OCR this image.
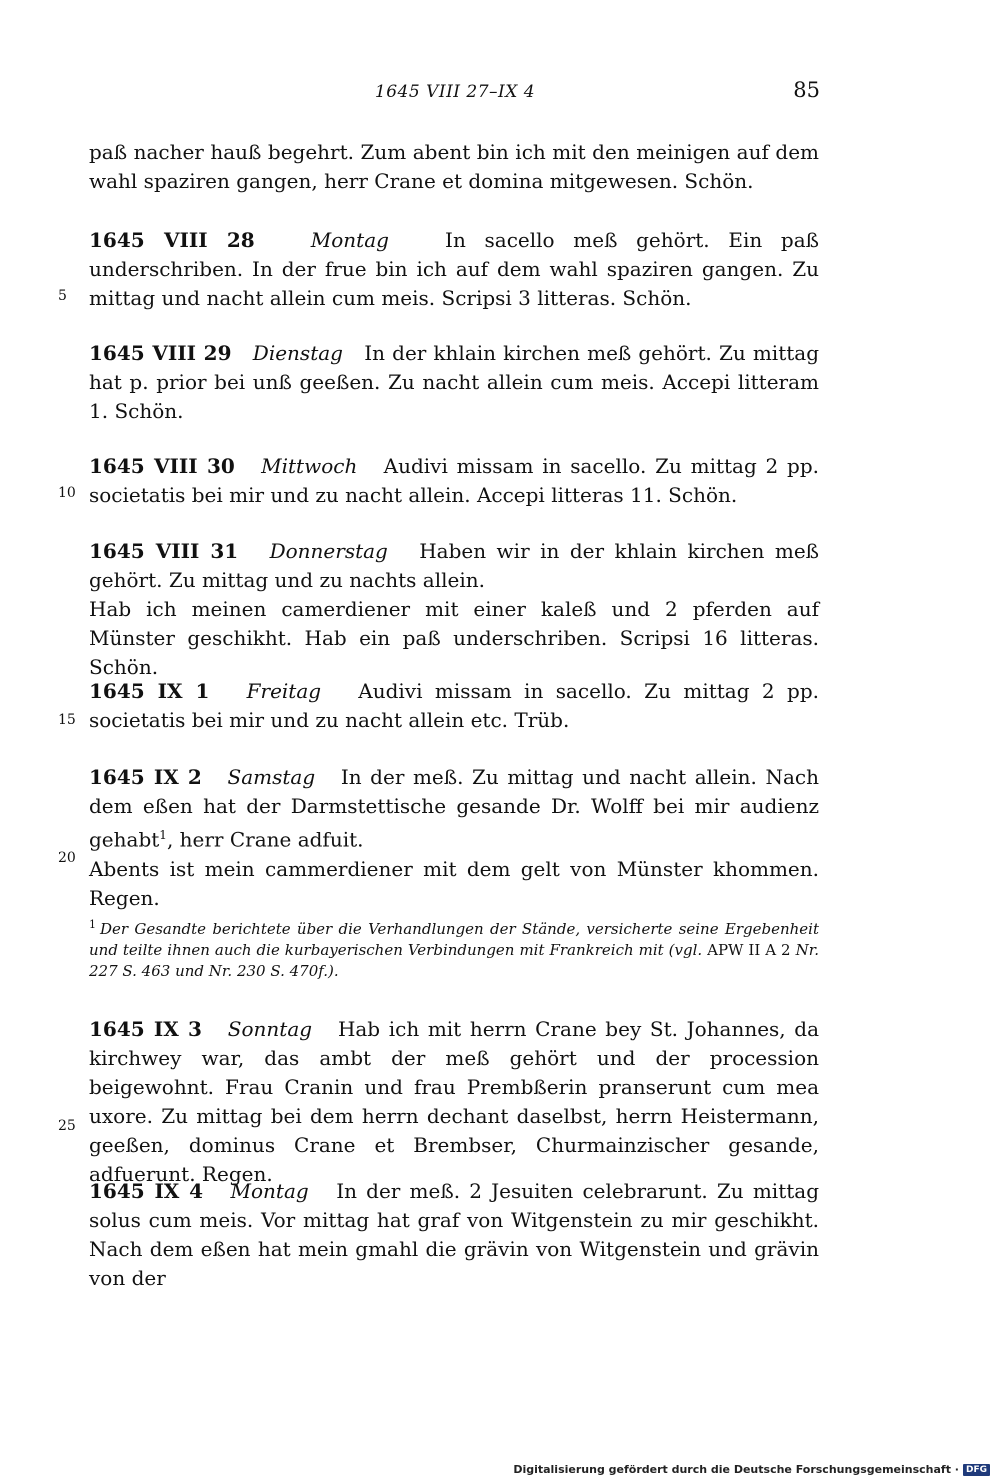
1645 VIII 27–IX 4	85

paß nacher hauß begehrt. Zum abent bin ich mit den meinigen auf dem wahl spaziren gangen, herr Crane et domina mitgewesen. Schön.

1645 VIII 28	Montag	In sacello meß gehört. Ein paß underschriben. In der frue bin ich auf dem wahl spaziren gangen. Zu mittag und nacht allein cum meis. Scripsi 3 litteras. Schön.

1645 VIII 29 Dienstag In der khlain kirchen meß gehört. Zu mittag hat p. prior bei unß geeßen. Zu nacht allein cum meis. Accepi litteram 1. Schön.

1645 VIII 30 Mittwoch Audivi missam in sacello. Zu mittag 2 pp. societatis bei mir und zu nacht allein. Accepi litteras 11. Schön.

1645 VIII 31 Donnerstag Haben wir in der khlain kirchen meß gehört. Zu mittag und zu nachts allein.

Hab ich meinen camerdiener mit einer kaleß und 2 pferden auf Münster geschikht. Hab ein paß underschriben. Scripsi 16 litteras. Schön.

1645 IX 1 Freitag Audivi missam in sacello. Zu mittag 2 pp. societatis bei mir und zu nacht allein etc. Trüb.

1645 IX 2 Samstag In der meß. Zu mittag und nacht allein. Nach dem eßen hat der Darmstettische gesande Dr. Wolff bei mir audienz gehabt$^1$, herr Crane adfuit.

Abents ist mein cammerdiener mit dem gelt von Münster khommen. Regen.

$^1$ Der Gesandte berichtete über die Verhandlungen der Stände, versicherte seine Ergebenheit und teilte ihnen auch die kurbayerischen Verbindungen mit Frankreich mit (vgl. APW II A 2 Nr. 227 S. 463 und Nr. 230 S. 470f.).

1645 IX 3 Sonntag Hab ich mit herrn Crane bey St. Johannes, da kirchwey war, das ambt der meß gehört und der procession beigewohnt. Frau Cranin und frau Prembßerin pranserunt cum mea uxore. Zu mittag bei dem herrn dechant daselbst, herrn Heistermann, geeßen, dominus Crane et Brembser, Churmainzischer gesande, adfuerunt. Regen.

1645 IX 4 Montag In der meß. 2 Jesuiten celebrarunt. Zu mittag solus cum meis. Vor mittag hat graf von Witgenstein zu mir geschikht. Nach dem eßen hat mein gmahl die grävin von Witgenstein und grävin von der

5
10
15
20
25
Digitalisierung gefördert durch die Deutsche Forschungsgemeinschaft · DFG
